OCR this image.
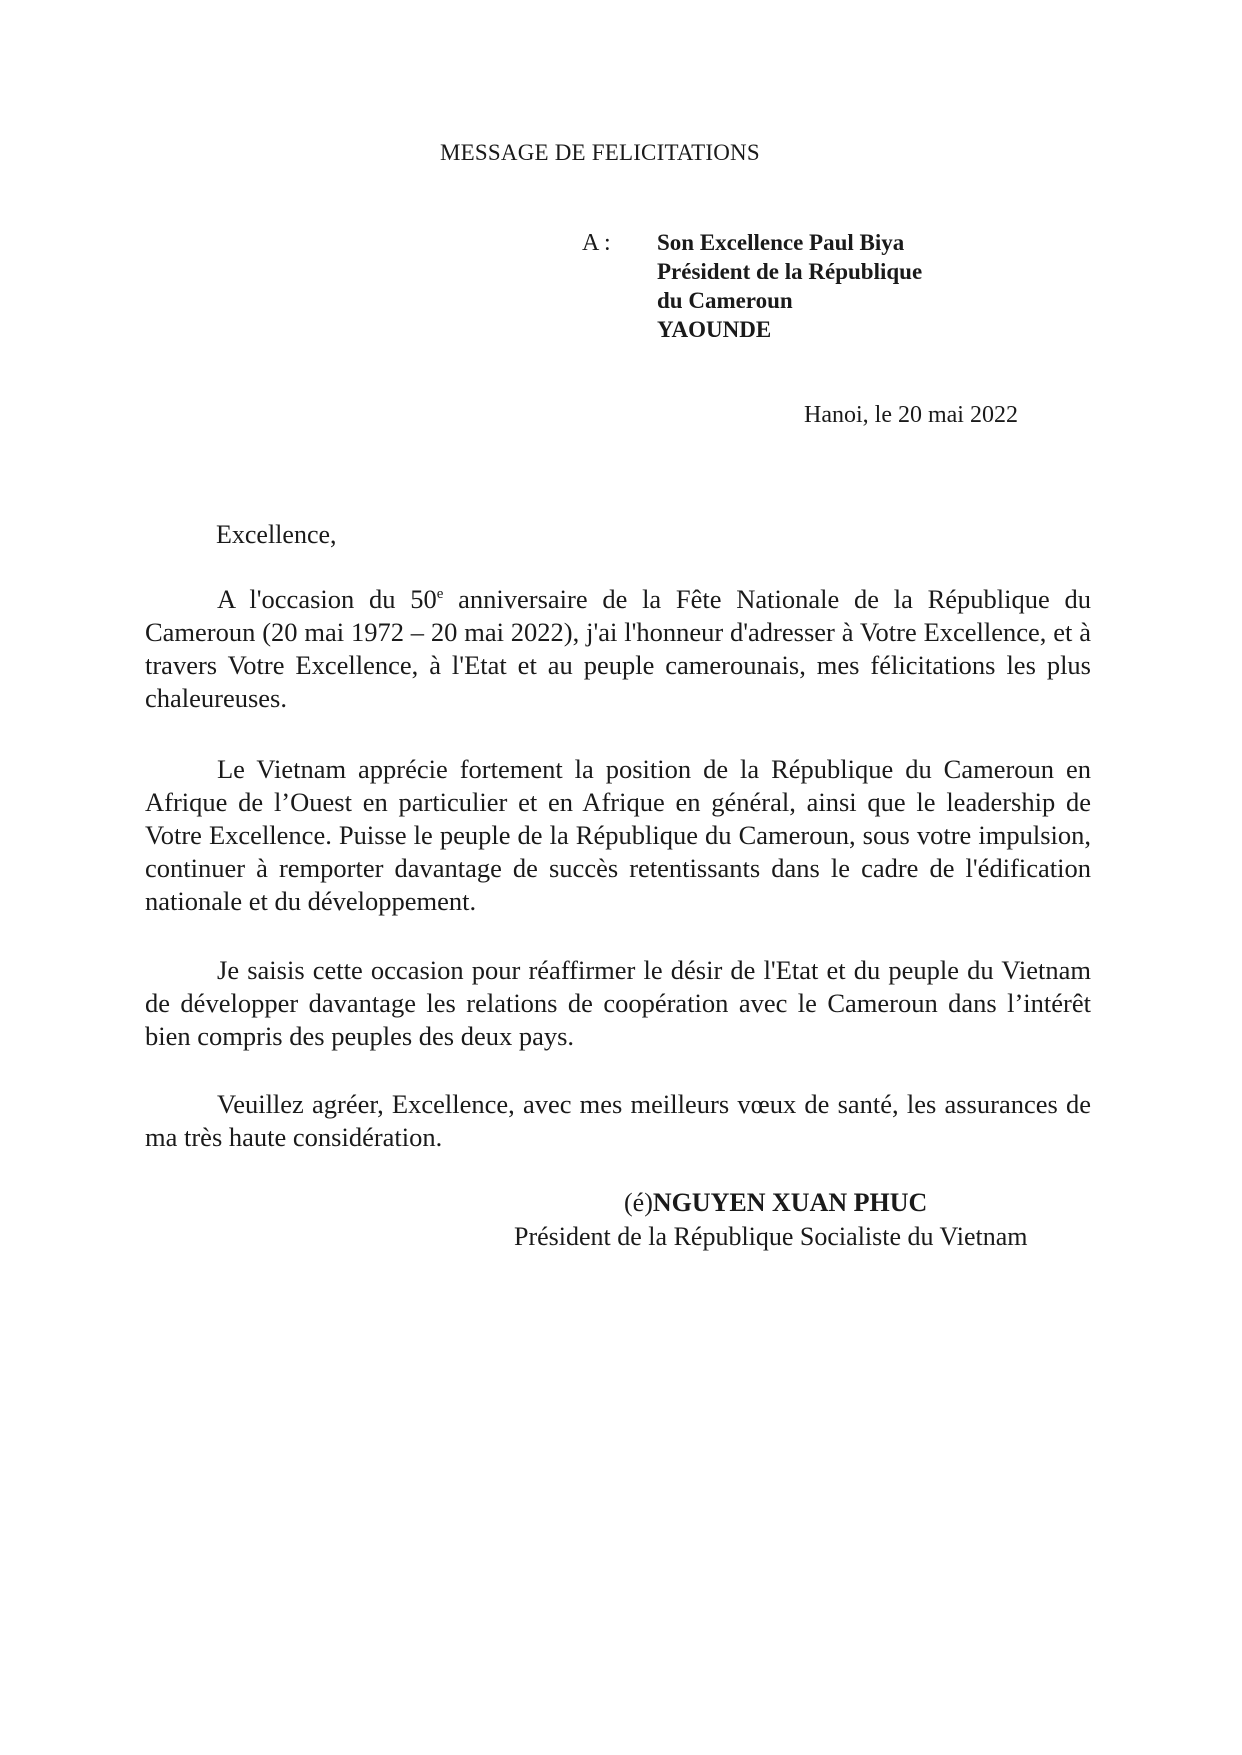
MESSAGE DE FELICITATIONS
A : Son Excellence Paul Biya
Président de la République
du Cameroun
YAOUNDE
Hanoi, le 20 mai 2022
Excellence,
A l'occasion du 50e anniversaire de la Fête Nationale de la République du Cameroun (20 mai 1972 – 20 mai 2022), j'ai l'honneur d'adresser à Votre Excellence, et à travers Votre Excellence, à l'Etat et au peuple camerounais, mes félicitations les plus chaleureuses.
Le Vietnam apprécie fortement la position de la République du Cameroun en Afrique de l’Ouest en particulier et en Afrique en général, ainsi que le leadership de Votre Excellence. Puisse le peuple de la République du Cameroun, sous votre impulsion, continuer à remporter davantage de succès retentissants dans le cadre de l'édification nationale et du développement.
Je saisis cette occasion pour réaffirmer le désir de l'Etat et du peuple du Vietnam de développer davantage les relations de coopération avec le Cameroun dans l’intérêt bien compris des peuples des deux pays.
Veuillez agréer, Excellence, avec mes meilleurs vœux de santé, les assurances de ma très haute considération.
(é)NGUYEN XUAN PHUC
Président de la République Socialiste du Vietnam
